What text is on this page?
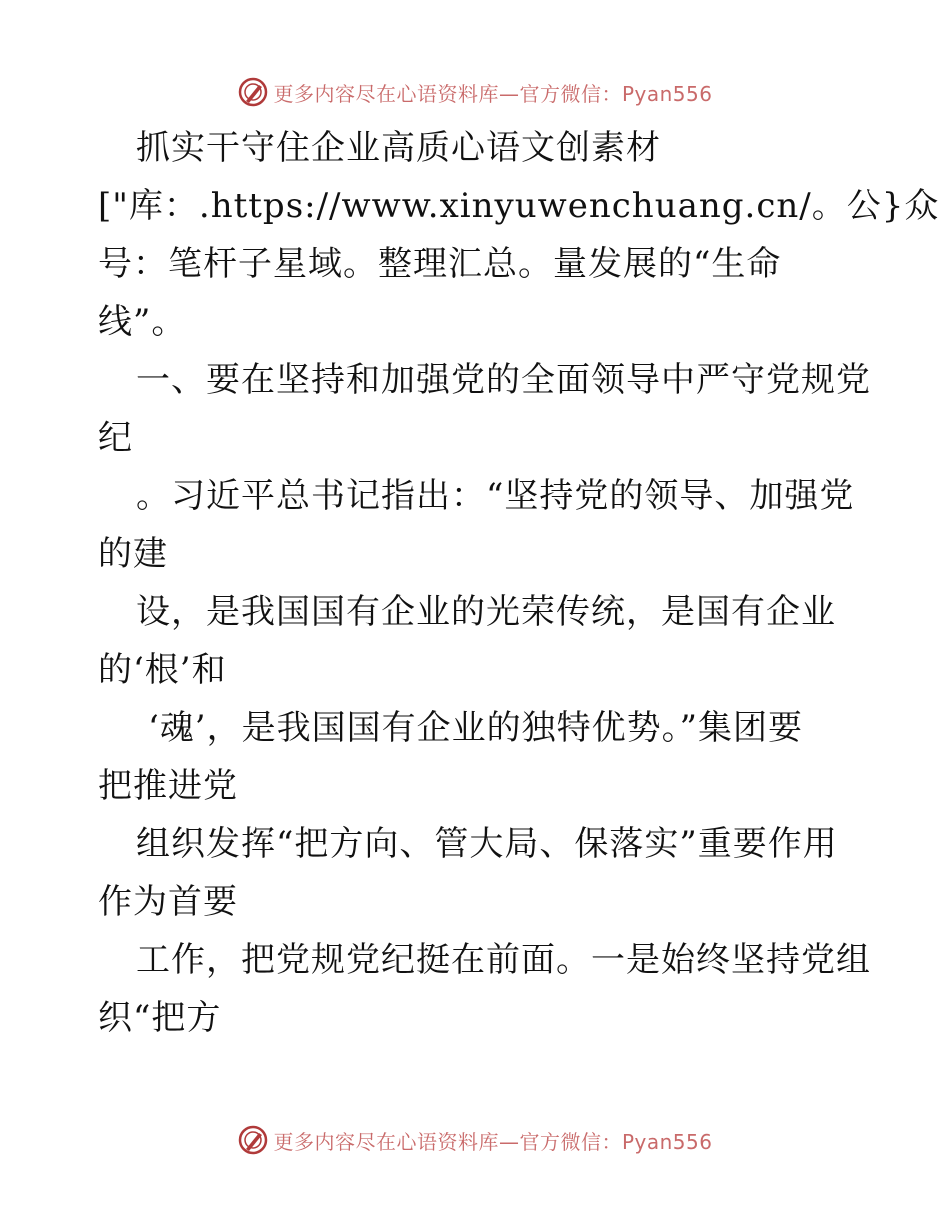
更多内容尽在心语资料库—官方微信：Pyan556
抓实干守住企业高质心语文创素材
["库：.https://www.xinyuwenchuang.cn/。公}众
号：笔杆子星域。整理汇总。量发展的“生命
线”。
一、要在坚持和加强党的全面领导中严守党规党
纪
。习近平总书记指出：“坚持党的领导、加强党
的建
设，是我国国有企业的光荣传统，是国有企业
的‘根’和
‘魂’，是我国国有企业的独特优势。”集团要
把推进党
组织发挥“把方向、管大局、保落实”重要作用
作为首要
工作，把党规党纪挺在前面。一是始终坚持党组
织“把方
更多内容尽在心语资料库—官方微信：Pyan556
